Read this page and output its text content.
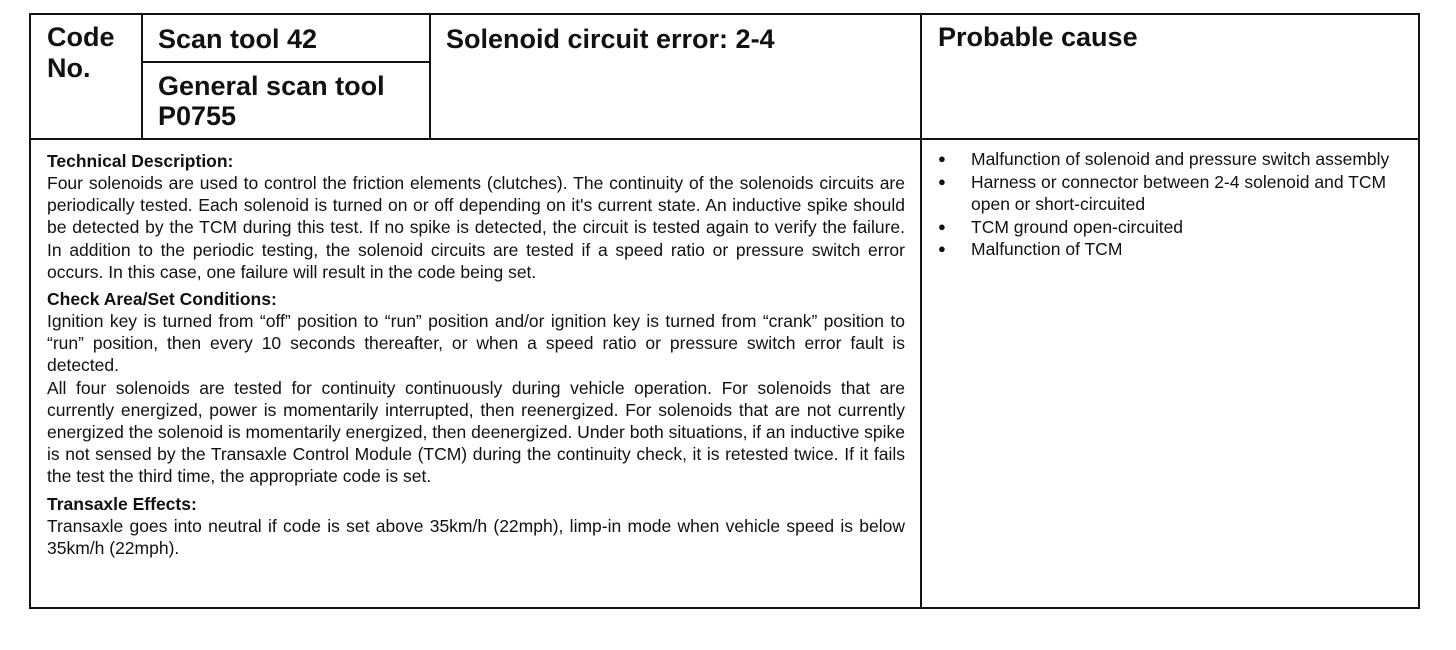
Code No.
Scan tool 42
General scan tool P0755
Solenoid circuit error: 2-4	Probable cause
Technical Description:

Four solenoids are used to control the friction elements (clutches). The continuity of the solenoids circuits are periodically tested. Each solenoid is turned on or off depending on it's current state. An inductive spike should be detected by the TCM during this test. If no spike is detected, the circuit is tested again to verify the failure. In addition to the periodic testing, the solenoid circuits are tested if a speed ratio or pressure switch error occurs. In this case, one failure will result in the code being set.

Check Area/Set Conditions:

Ignition key is turned from “off” position to “run” position and/or ignition key is turned from “crank” position to “run” position, then every 10 seconds thereafter, or when a speed ratio or pressure switch error fault is detected.

All four solenoids are tested for continuity continuously during vehicle operation. For solenoids that are currently energized, power is momentarily interrupted, then reenergized. For solenoids that are not currently energized the solenoid is momentarily energized, then deenergized. Under both situations, if an inductive spike is not sensed by the Transaxle Control Module (TCM) during the continuity check, it is retested twice. If it fails the test the third time, the appropriate code is set.

Transaxle Effects:

Transaxle goes into neutral if code is set above 35km/h (22mph), limp-in mode when vehicle speed is below 35km/h (22mph).

● Malfunction of solenoid and pressure switch assembly
● Harness or connector between 2-4 solenoid and TCM open or short-circuited
● TCM ground open-circuited
● Malfunction of TCM
